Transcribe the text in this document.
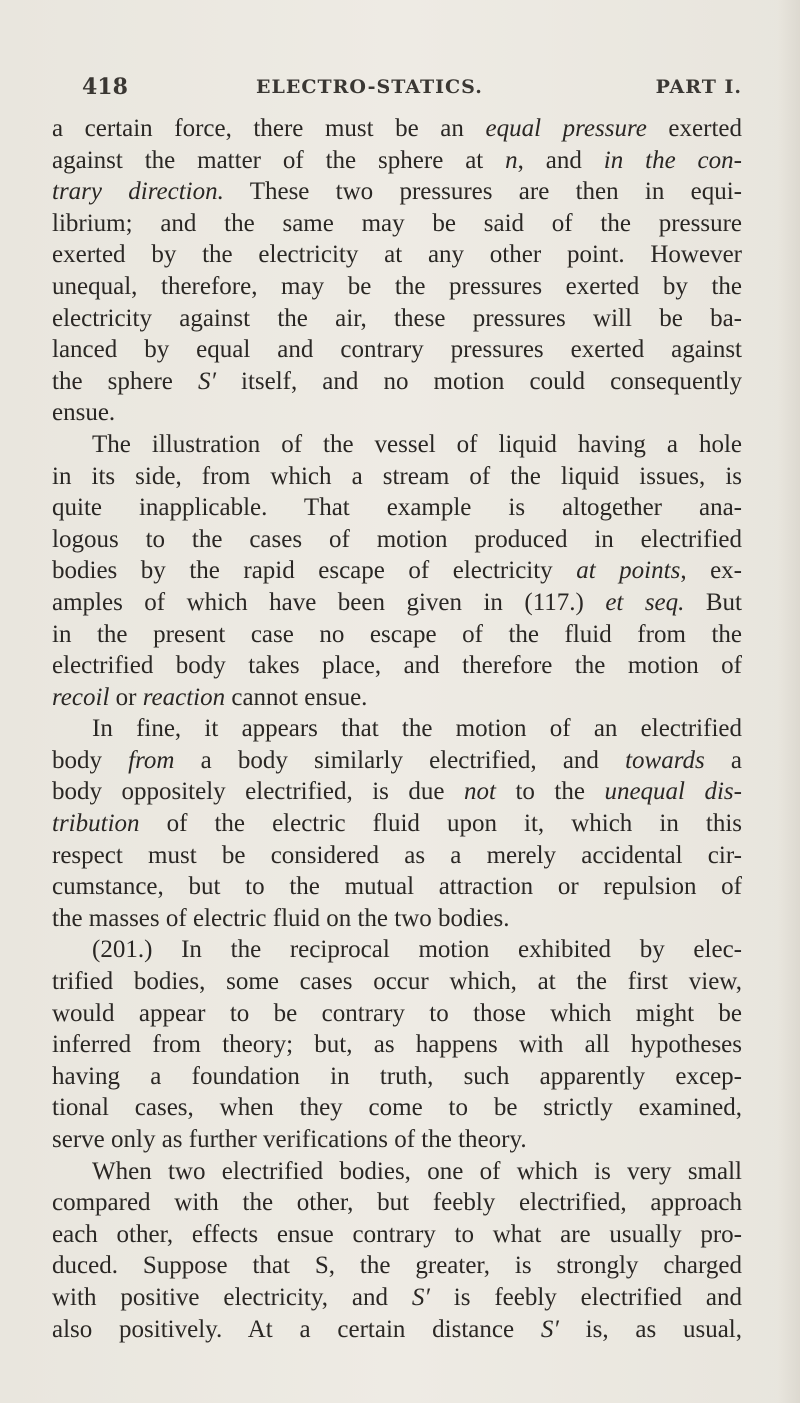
418	ELECTRO-STATICS.	PART I.
a certain force, there must be an equal pressure exerted
against the matter of the sphere at n, and in the con-
trary direction. These two pressures are then in equi-
librium; and the same may be said of the pressure
exerted by the electricity at any other point. However
unequal, therefore, may be the pressures exerted by the
electricity against the air, these pressures will be ba-
lanced by equal and contrary pressures exerted against
the sphere S′ itself, and no motion could consequently
ensue.
The illustration of the vessel of liquid having a hole
in its side, from which a stream of the liquid issues, is
quite inapplicable. That example is altogether ana-
logous to the cases of motion produced in electrified
bodies by the rapid escape of electricity at points, ex-
amples of which have been given in (117.) et seq. But
in the present case no escape of the fluid from the
electrified body takes place, and therefore the motion of
recoil or reaction cannot ensue.
In fine, it appears that the motion of an electrified
body from a body similarly electrified, and towards a
body oppositely electrified, is due not to the unequal dis-
tribution of the electric fluid upon it, which in this
respect must be considered as a merely accidental cir-
cumstance, but to the mutual attraction or repulsion of
the masses of electric fluid on the two bodies.
(201.) In the reciprocal motion exhibited by elec-
trified bodies, some cases occur which, at the first view,
would appear to be contrary to those which might be
inferred from theory; but, as happens with all hypotheses
having a foundation in truth, such apparently excep-
tional cases, when they come to be strictly examined,
serve only as further verifications of the theory.
When two electrified bodies, one of which is very small
compared with the other, but feebly electrified, approach
each other, effects ensue contrary to what are usually pro-
duced. Suppose that S, the greater, is strongly charged
with positive electricity, and S′ is feebly electrified and
also positively. At a certain distance S′ is, as usual,
